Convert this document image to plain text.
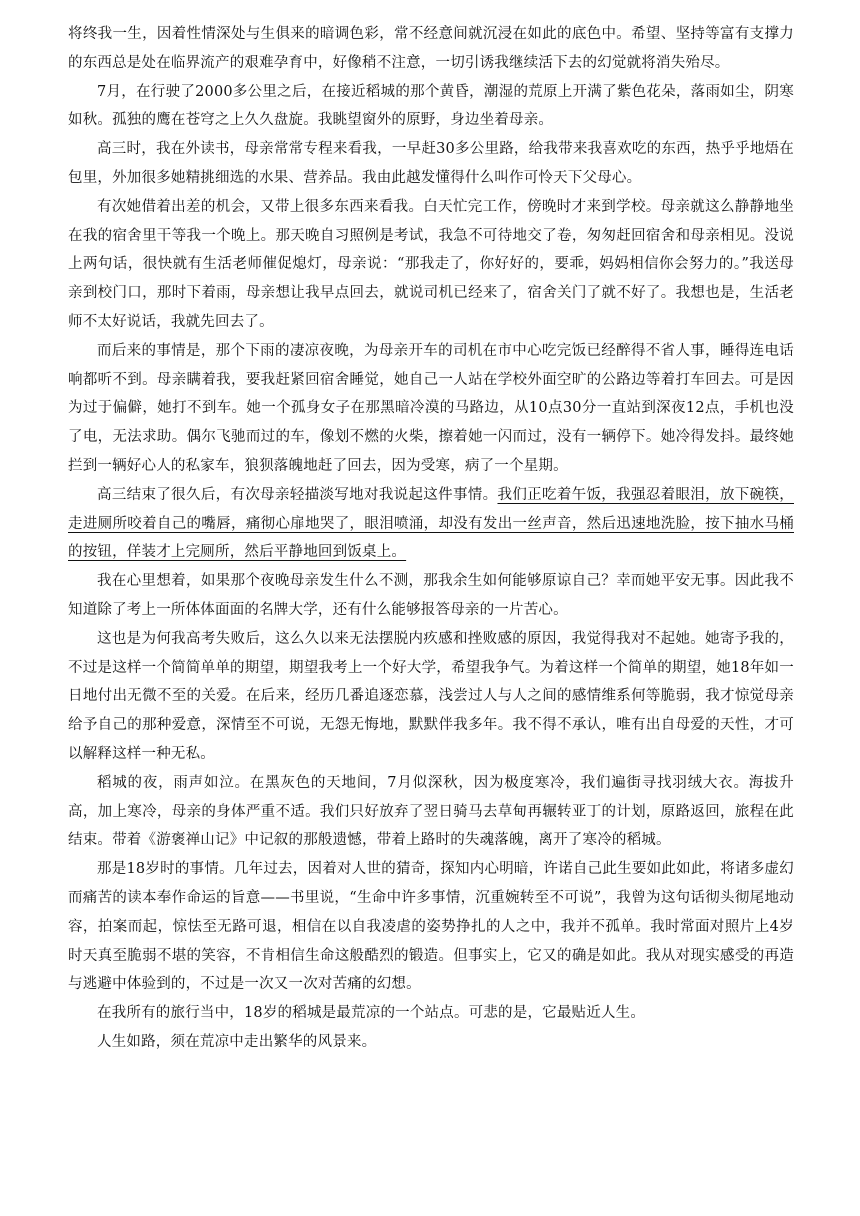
将终我一生，因着性情深处与生俱来的暗调色彩，常不经意间就沉浸在如此的底色中。希望、坚持等富有支撑力的东西总是处在临界流产的艰难孕育中，好像稍不注意，一切引诱我继续活下去的幻觉就将消失殆尽。

7月，在行驶了2000多公里之后，在接近稻城的那个黄昏，潮湿的荒原上开满了紫色花朵，落雨如尘，阴寒如秋。孤独的鹰在苍穹之上久久盘旋。我眺望窗外的原野，身边坐着母亲。

高三时，我在外读书，母亲常常专程来看我，一早赶30多公里路，给我带来我喜欢吃的东西，热乎乎地焐在包里，外加很多她精挑细选的水果、营养品。我由此越发懂得什么叫作可怜天下父母心。

有次她借着出差的机会，又带上很多东西来看我。白天忙完工作，傍晚时才来到学校。母亲就这么静静地坐在我的宿舍里干等我一个晚上。那天晚自习照例是考试，我急不可待地交了卷，匆匆赶回宿舍和母亲相见。没说上两句话，很快就有生活老师催促熄灯，母亲说：“那我走了，你好好的，要乖，妈妈相信你会努力的。”我送母亲到校门口，那时下着雨，母亲想让我早点回去，就说司机已经来了，宿舍关门了就不好了。我想也是，生活老师不太好说话，我就先回去了。

而后来的事情是，那个下雨的凄凉夜晚，为母亲开车的司机在市中心吃完饭已经醉得不省人事，睡得连电话响都听不到。母亲瞒着我，要我赶紧回宿舍睡觉，她自己一人站在学校外面空旷的公路边等着打车回去。可是因为过于偏僻，她打不到车。她一个孤身女子在那黑暗冷漠的马路边，从10点30分一直站到深夜12点，手机也没了电，无法求助。偶尔飞驰而过的车，像划不燃的火柴，擦着她一闪而过，没有一辆停下。她冷得发抖。最终她拦到一辆好心人的私家车，狼狈落魄地赶了回去，因为受寒，病了一个星期。

高三结束了很久后，有次母亲轻描淡写地对我说起这件事情。我们正吃着午饭，我强忍着眼泪，放下碗筷，走进厕所咬着自己的嘴唇，痛彻心扉地哭了，眼泪喷涌，却没有发出一丝声音，然后迅速地洗脸，按下抽水马桶的按钮，佯装才上完厕所，然后平静地回到饭桌上。

我在心里想着，如果那个夜晚母亲发生什么不测，那我余生如何能够原谅自己？幸而她平安无事。因此我不知道除了考上一所体体面面的名牌大学，还有什么能够报答母亲的一片苦心。

这也是为何我高考失败后，这么久以来无法摆脱内疚感和挫败感的原因，我觉得我对不起她。她寄予我的，不过是这样一个简简单单的期望，期望我考上一个好大学，希望我争气。为着这样一个简单的期望，她18年如一日地付出无微不至的关爱。在后来，经历几番追逐恋慕，浅尝过人与人之间的感情维系何等脆弱，我才惊觉母亲给予自己的那种爱意，深情至不可说，无怨无悔地，默默伴我多年。我不得不承认，唯有出自母爱的天性，才可以解释这样一种无私。

稻城的夜，雨声如泣。在黑灰色的天地间，7月似深秋，因为极度寒冷，我们遍街寻找羽绒大衣。海拔升高，加上寒冷，母亲的身体严重不适。我们只好放弃了翌日骑马去草甸再辗转亚丁的计划，原路返回，旅程在此结束。带着《游褒禅山记》中记叙的那般遗憾，带着上路时的失魂落魄，离开了寒冷的稻城。

那是18岁时的事情。几年过去，因着对人世的猜奇，探知内心明暗，许诺自己此生要如此如此，将诸多虚幻而痛苦的读本奉作命运的旨意——书里说，“生命中许多事情，沉重婉转至不可说”，我曾为这句话彻头彻尾地动容，拍案而起，惊怯至无路可退，相信在以自我凌虐的姿势挣扎的人之中，我并不孤单。我时常面对照片上4岁时天真至脆弱不堪的笑容，不肯相信生命这般酷烈的锻造。但事实上，它又的确是如此。我从对现实感受的再造与逃避中体验到的，不过是一次又一次对苦痛的幻想。

在我所有的旅行当中，18岁的稻城是最荒凉的一个站点。可悲的是，它最贴近人生。

人生如路，须在荒凉中走出繁华的风景来。
